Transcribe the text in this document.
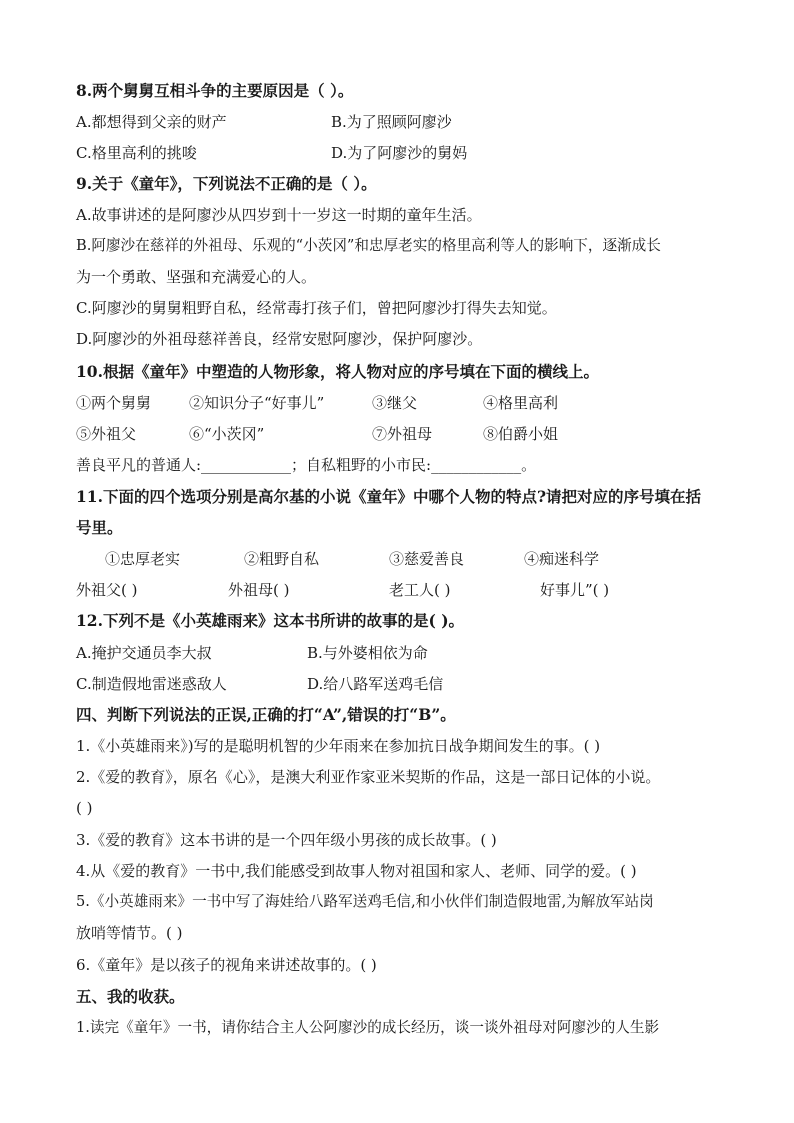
8.两个舅舅互相斗争的主要原因是（ ）。
A.都想得到父亲的财产	B.为了照顾阿廖沙
C.格里高利的挑唆	D.为了阿廖沙的舅妈
9.关于《童年》，下列说法不正确的是（ ）。
A.故事讲述的是阿廖沙从四岁到十一岁这一时期的童年生活。
B.阿廖沙在慈祥的外祖母、乐观的“小茨冈”和忠厚老实的格里高利等人的影响下，逐渐成长
为一个勇敢、坚强和充满爱心的人。
C.阿廖沙的舅舅粗野自私，经常毒打孩子们，曾把阿廖沙打得失去知觉。
D.阿廖沙的外祖母慈祥善良，经常安慰阿廖沙，保护阿廖沙。
10.根据《童年》中塑造的人物形象，将人物对应的序号填在下面的横线上。
①两个舅舅	②知识分子“好事儿”	③继父	④格里高利
⑤外祖父	⑥“小茨冈”	⑦外祖母	⑧伯爵小姐
善良平凡的普通人:____________；自私粗野的小市民:____________。
11.下面的四个选项分别是高尔基的小说《童年》中哪个人物的特点?请把对应的序号填在括
号里。
①忠厚老实	②粗野自私	③慈爱善良	④痴迷科学
外祖父( )	外祖母( )	老工人( )	好事儿”( )
12.下列不是《小英雄雨来》这本书所讲的故事的是( )。
A.掩护交通员李大叔	B.与外婆相依为命
C.制造假地雷迷惑敌人	D.给八路军送鸡毛信
四、判断下列说法的正误,正确的打“A”,错误的打“B”。
1.《小英雄雨来》)写的是聪明机智的少年雨来在参加抗日战争期间发生的事。( )
2.《爱的教育》，原名《心》，是澳大利亚作家亚米契斯的作品，这是一部日记体的小说。
( )
3.《爱的教育》这本书讲的是一个四年级小男孩的成长故事。( )
4.从《爱的教育》一书中,我们能感受到故事人物对祖国和家人、老师、同学的爱。( )
5.《小英雄雨来》一书中写了海娃给八路军送鸡毛信,和小伙伴们制造假地雷,为解放军站岗
放哨等情节。( )
6.《童年》是以孩子的视角来讲述故事的。( )
五、我的收获。
1.读完《童年》一书，请你结合主人公阿廖沙的成长经历，谈一谈外祖母对阿廖沙的人生影
